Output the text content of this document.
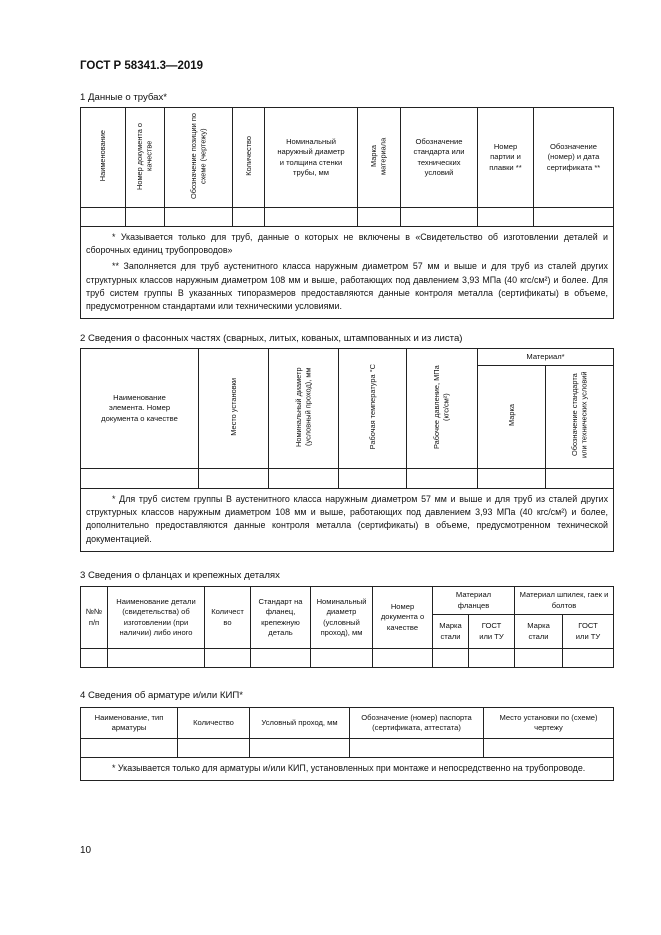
ГОСТ Р 58341.3—2019
1 Данные о трубах*
Наименование	Номер документа о качестве	Обозначение позиции по схеме (чертежу)	Количество	Номинальный наружный диаметр и толщина стенки трубы, мм	Марка материала	Обозначение стандарта или технических условий	Номер партии и плавки **	Обозначение (номер) и дата сертификата **

* Указывается только для труб, данные о которых не включены в «Свидетельство об изготовлении деталей и сборочных единиц трубопроводов»

** Заполняется для труб аустенитного класса наружным диаметром 57 мм и выше и для труб из сталей других структурных классов наружным диаметром 108 мм и выше, работающих под давлением 3,93 МПа (40 кгс/см²) и более. Для труб систем группы В указанных типоразмеров предоставляются данные контроля металла (сертификаты) в объеме, предусмотренном стандартами или техническими условиями.								

2 Сведения о фасонных частях (сварных, литых, кованых, штампованных и из листа)
Наименование элемента. Номер документа о качестве	Место установки	Номинальный диаметр (условный проход), мм	Рабочая температура °С	Рабочее давление, МПа (кгс/см²)	Материал*	
					Марка	Обозначение стандарта или технических условий

* Для труб систем группы В аустенитного класса наружным диаметром 57 мм и выше и для труб из сталей других структурных классов наружным диаметром 108 мм и выше, работающих под давлением 3,93 МПа (40 кгс/см²) и более, дополнительно предоставляются данные контроля металла (сертификаты) в объеме, предусмотренном технической документацией.						

3 Сведения о фланцах и крепежных деталях
№№ п/п	Наименование детали (свидетельства) об изготовлении (при наличии) либо иного	Количество	Стандарт на фланец, крепежную деталь	Номинальный диаметр (условный проход), мм	Номер документа о качестве	Материал фланцев		Материал шпилек, гаек и болтов	

						Марка стали	ГОСТ или ТУ	Марка стали	ГОСТ или ТУ

4 Сведения об арматуре и/или КИП*
Наименование, тип арматуры	Количество	Условный проход, мм	Обозначение (номер) паспорта (сертификата, аттестата)	Место установки по (схеме) чертежу

* Указывается только для арматуры и/или КИП, установленных при монтаже и непосредственно на трубопроводе.				

10
